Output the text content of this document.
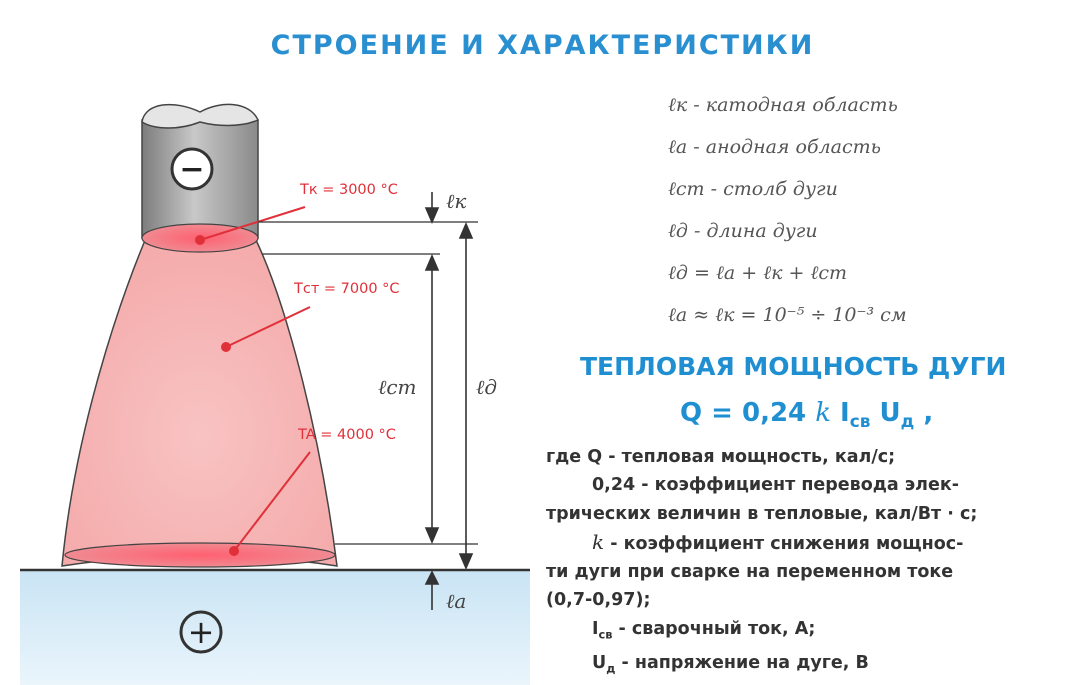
СТРОЕНИЕ И ХАРАКТЕРИСТИКИ
−
+
Tк = 3000 °C
Tст = 7000 °C
TA = 4000 °C
ℓк
ℓст	ℓд
ℓа
ℓк - катодная область
ℓа - анодная область
ℓст - столб дуги
ℓд - длина дуги
ℓд = ℓа + ℓк + ℓст
ℓа ≈ ℓк = 10⁻⁵ ÷ 10⁻³ см
ТЕПЛОВАЯ МОЩНОСТЬ ДУГИ
Q = 0,24 k $I_{св}$ $U_д$ ,
где Q - тепловая мощность, кал/с;
0,24 - коэффициент перевода элек-
трических величин в тепловые, кал/Вт · с;
k - коэффициент снижения мощнос-
ти дуги при сварке на переменном токе
(0,7-0,97);
$I_{св}$ - сварочный ток, А;
$U_д$ - напряжение на дуге, В
